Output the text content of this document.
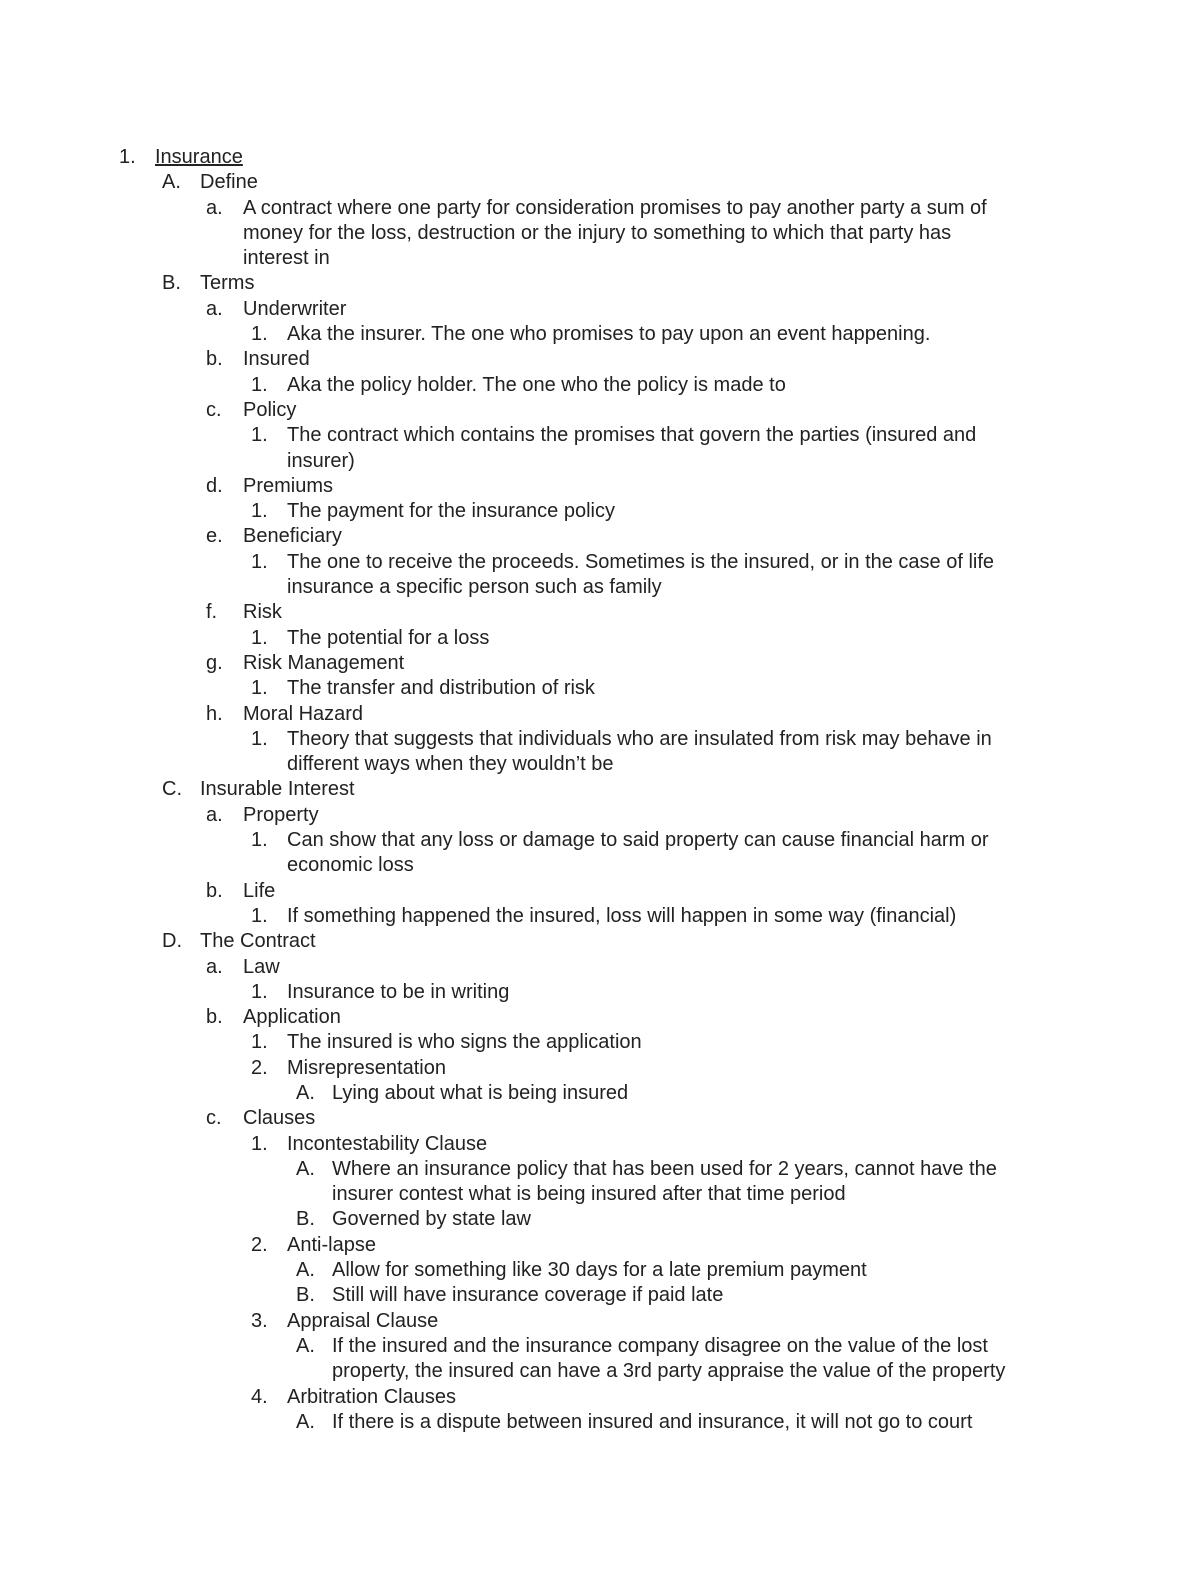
1. Insurance
A. Define
a. A contract where one party for consideration promises to pay another party a sum of
money for the loss, destruction or the injury to something to which that party has
interest in
B. Terms
a. Underwriter
1. Aka the insurer. The one who promises to pay upon an event happening.
b. Insured
1. Aka the policy holder. The one who the policy is made to
c. Policy
1. The contract which contains the promises that govern the parties (insured and
insurer)
d. Premiums
1. The payment for the insurance policy
e. Beneficiary
1. The one to receive the proceeds. Sometimes is the insured, or in the case of life
insurance a specific person such as family
f. Risk
1. The potential for a loss
g. Risk Management
1. The transfer and distribution of risk
h. Moral Hazard
1. Theory that suggests that individuals who are insulated from risk may behave in
different ways when they wouldn’t be
C. Insurable Interest
a. Property
1. Can show that any loss or damage to said property can cause financial harm or
economic loss
b. Life
1. If something happened the insured, loss will happen in some way (financial)
D. The Contract
a. Law
1. Insurance to be in writing
b. Application
1. The insured is who signs the application
2. Misrepresentation
A. Lying about what is being insured
c. Clauses
1. Incontestability Clause
A. Where an insurance policy that has been used for 2 years, cannot have the
insurer contest what is being insured after that time period
B. Governed by state law
2. Anti-lapse
A. Allow for something like 30 days for a late premium payment
B. Still will have insurance coverage if paid late
3. Appraisal Clause
A. If the insured and the insurance company disagree on the value of the lost
property, the insured can have a 3rd party appraise the value of the property
4. Arbitration Clauses
A. If there is a dispute between insured and insurance, it will not go to court
